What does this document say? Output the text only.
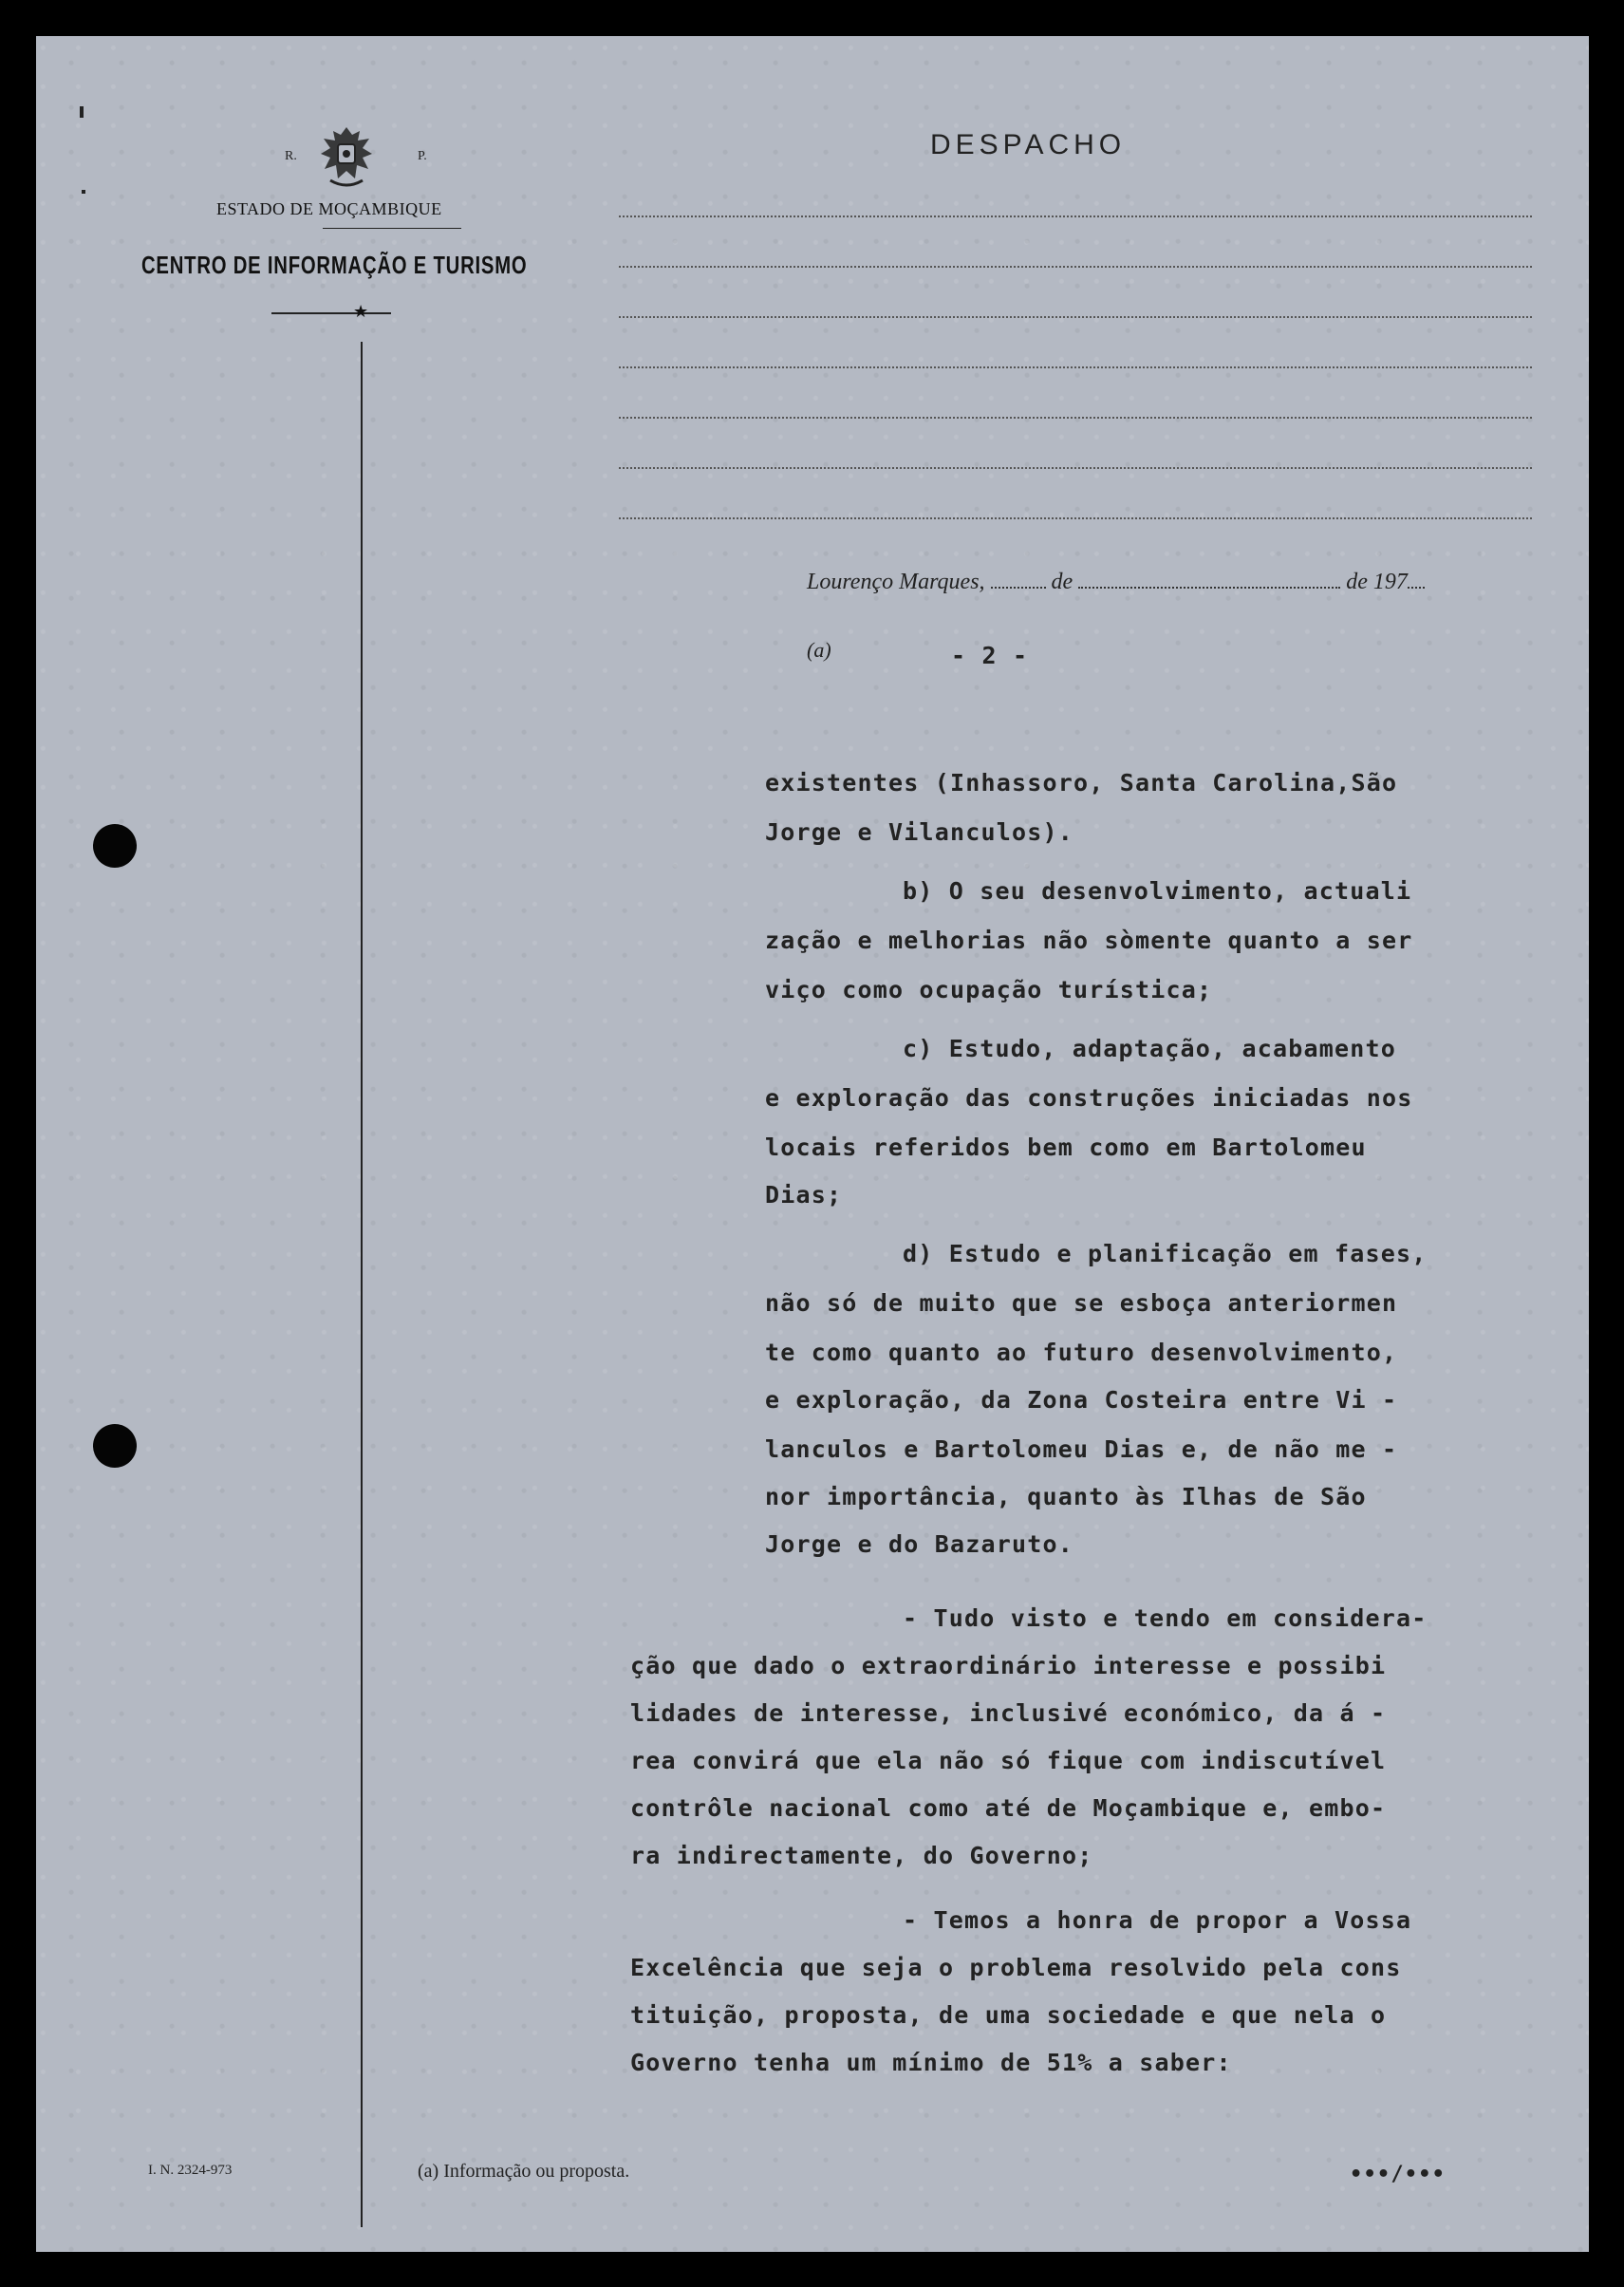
R.	P.
ESTADO DE MOÇAMBIQUE
CENTRO DE INFORMAÇÃO E TURISMO
★
DESPACHO
Lourenço Marques,	de	de 197
(a)	- 2 -
existentes (Inhassoro, Santa Carolina,São
Jorge e Vilanculos).
b) O seu desenvolvimento, actuali
zação e melhorias não sòmente quanto a ser
viço como ocupação turística;
c) Estudo, adaptação, acabamento
e exploração das construções iniciadas nos
locais referidos bem como em Bartolomeu
Dias;
d) Estudo e planificação em fases,
não só de muito que se esboça anteriormen
te como quanto ao futuro desenvolvimento,
e exploração, da Zona Costeira entre Vi -
lanculos e Bartolomeu Dias e, de não me -
nor importância, quanto às Ilhas de São
Jorge e do Bazaruto.
- Tudo visto e tendo em considera-
ção que dado o extraordinário interesse e possibi
lidades de interesse, inclusivé económico, da á -
rea convirá que ela não só fique com indiscutível
contrôle nacional como até de Moçambique e, embo-
ra indirectamente, do Governo;
- Temos a honra de propor a Vossa
Excelência que seja o problema resolvido pela cons
tituição, proposta, de uma sociedade e que nela o
Governo tenha um mínimo de 51% a saber:
I. N. 2324-973	(a) Informação ou proposta.	•••/•••
